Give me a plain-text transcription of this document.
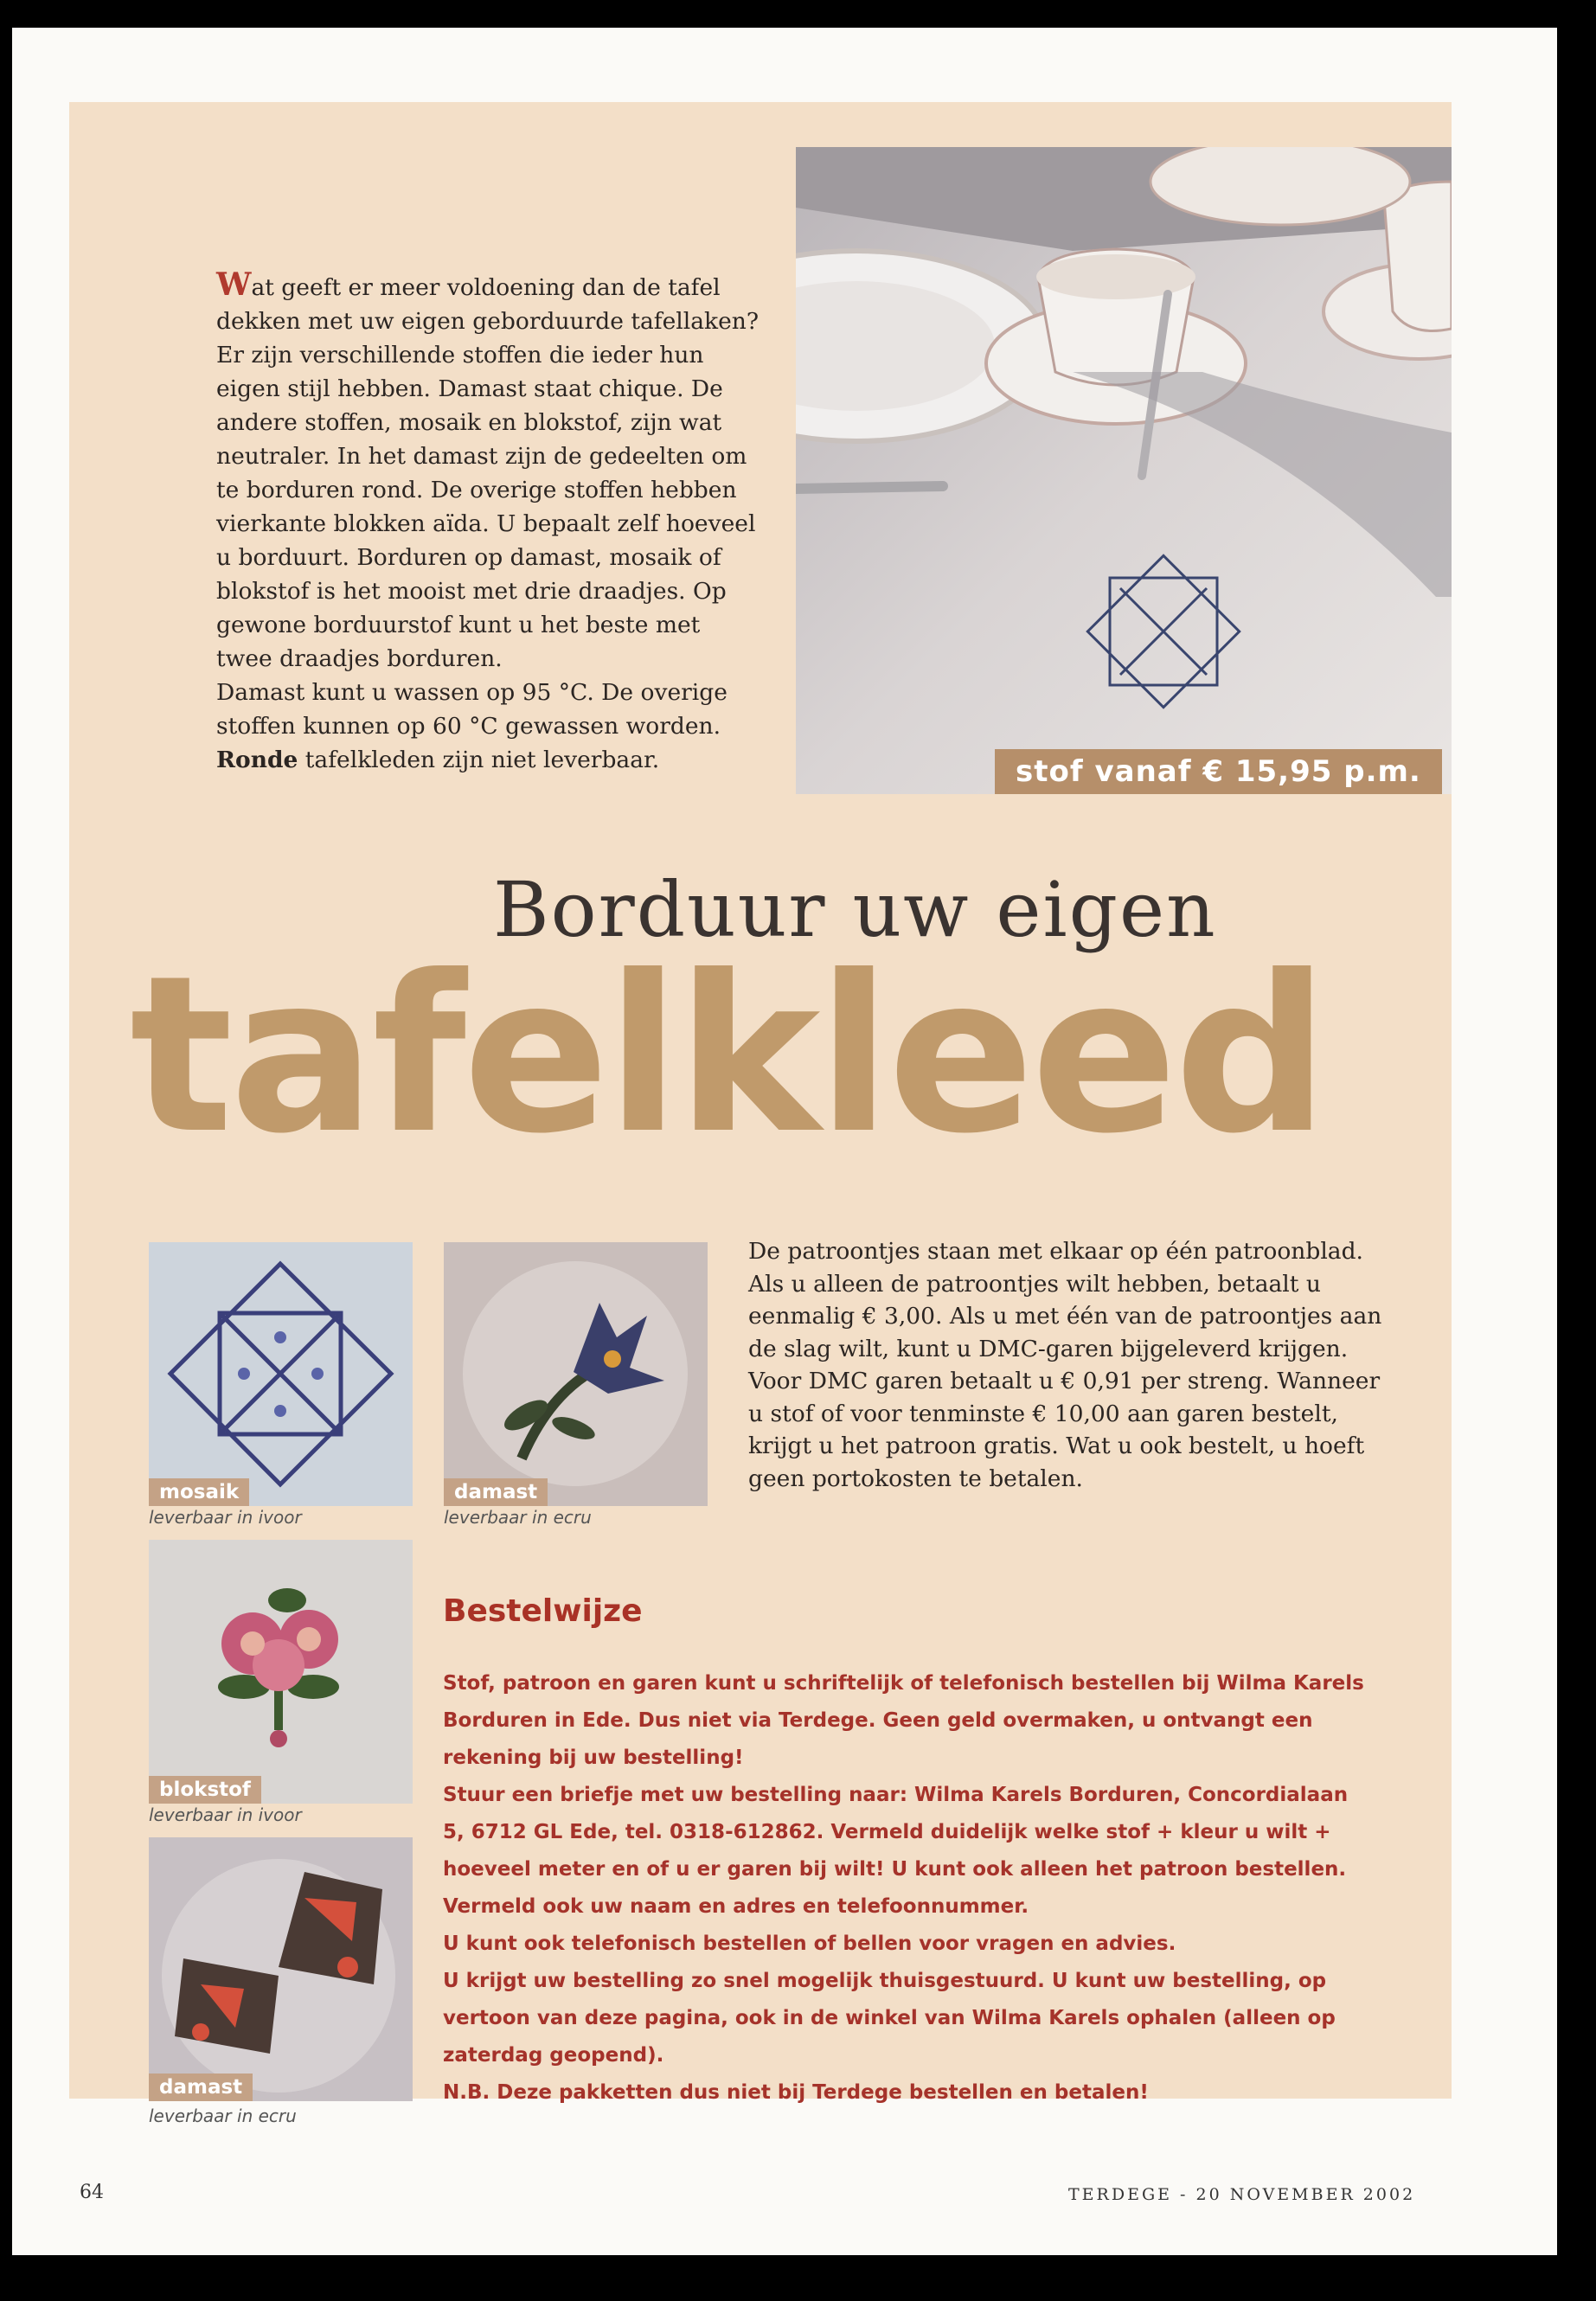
Wat geeft er meer voldoening dan de tafel dekken met uw eigen geborduurde tafellaken? Er zijn verschillende stoffen die ieder hun eigen stijl hebben. Damast staat chique. De andere stoffen, mosaik en blokstof, zijn wat neutraler. In het damast zijn de gedeelten om te borduren rond. De overige stoffen hebben vierkante blokken aïda. U bepaalt zelf hoeveel u borduurt. Borduren op damast, mosaik of blokstof is het mooist met drie draadjes. Op gewone borduurstof kunt u het beste met twee draadjes borduren.

Damast kunt u wassen op 95 °C. De overige stoffen kunnen op 60 °C gewassen worden.

Ronde tafelkleden zijn niet leverbaar.	stof vanaf € 15,95 p.m.
Borduur uw eigen
tafelkleed
mosaik
leverbaar in ivoor
damast
leverbaar in ecru
blokstof
leverbaar in ivoor
damast
leverbaar in ecru

De patroontjes staan met elkaar op één patroonblad. Als u alleen de patroontjes wilt hebben, betaalt u eenmalig € 3,00. Als u met één van de patroontjes aan de slag wilt, kunt u DMC-garen bijgeleverd krijgen. Voor DMC garen betaalt u € 0,91 per streng. Wanneer u stof of voor tenminste € 10,00 aan garen bestelt, krijgt u het patroon gratis. Wat u ook bestelt, u hoeft geen portokosten te betalen.

Bestelwijze

Stof, patroon en garen kunt u schriftelijk of telefonisch bestellen bij Wilma Karels Borduren in Ede. Dus niet via Terdege. Geen geld overmaken, u ontvangt een rekening bij uw bestelling!

Stuur een briefje met uw bestelling naar: Wilma Karels Borduren, Concordialaan 5, 6712 GL Ede, tel. 0318-612862. Vermeld duidelijk welke stof + kleur u wilt + hoeveel meter en of u er garen bij wilt! U kunt ook alleen het patroon bestellen. Vermeld ook uw naam en adres en telefoonnummer.

U kunt ook telefonisch bestellen of bellen voor vragen en advies.

U krijgt uw bestelling zo snel mogelijk thuisgestuurd. U kunt uw bestelling, op vertoon van deze pagina, ook in de winkel van Wilma Karels ophalen (alleen op zaterdag geopend).

N.B. Deze pakketten dus niet bij Terdege bestellen en betalen!

64	TERDEGE - 20 NOVEMBER 2002
